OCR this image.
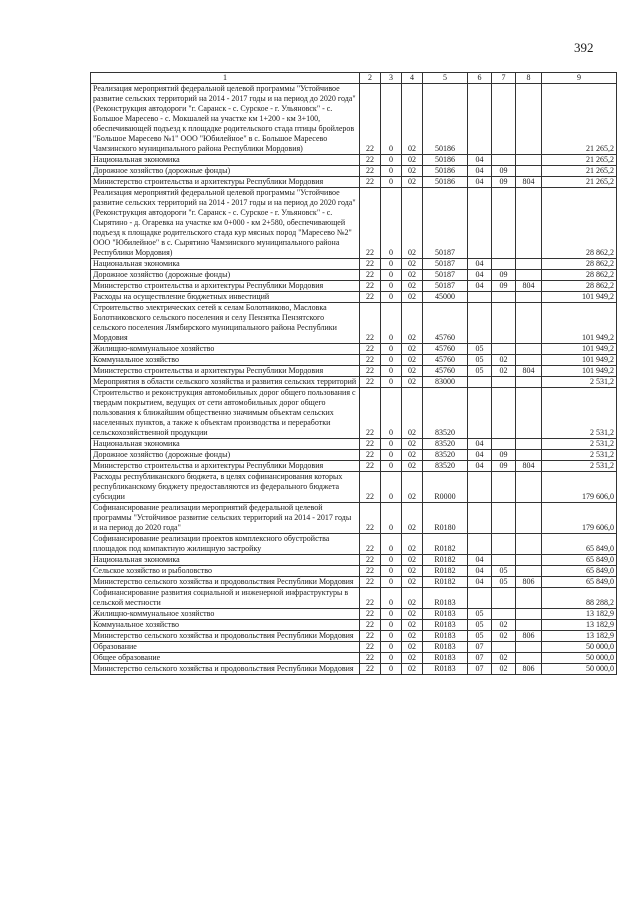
392
1	2	3	4	5	6	7	8	9
Реализация мероприятий федеральной целевой программы "Устойчивое развитие сельских территорий на 2014 - 2017 годы и на период до 2020 года" (Реконструкция автодороги "г. Саранск - с. Сурское - г. Ульяновск" - с. Большое Маресево - с. Мокшалей на участке км 1+200 - км 3+100, обеспечивающей подъезд к площадке родительского стада птицы бройлеров "Большое Маресево №1" ООО "Юбилейное" в с. Большое Маресево Чамзинского муниципального района Республики Мордовия)	22	0	02	50186				21 265,2
Национальная экономика	22	0	02	50186	04			21 265,2
Дорожное хозяйство (дорожные фонды)	22	0	02	50186	04	09		21 265,2
Министерство строительства и архитектуры Республики Мордовия	22	0	02	50186	04	09	804	21 265,2
Реализация мероприятий федеральной целевой программы "Устойчивое развитие сельских территорий на 2014 - 2017 годы и на период до 2020 года" (Реконструкция автодороги "г. Саранск - с. Сурское - г. Ульяновск" - с. Сырятино - д. Огаревка на участке км 0+000 - км 2+580, обеспечивающей подъезд к площадке родительского стада кур мясных пород "Маресево №2" ООО "Юбилейное" в с. Сырятино Чамзинского муниципального района Республики Мордовия)	22	0	02	50187				28 862,2
Национальная экономика	22	0	02	50187	04			28 862,2
Дорожное хозяйство (дорожные фонды)	22	0	02	50187	04	09		28 862,2
Министерство строительства и архитектуры Республики Мордовия	22	0	02	50187	04	09	804	28 862,2
Расходы на осуществление бюджетных инвестиций	22	0	02	45000				101 949,2
Строительство электрических сетей к селам Болотниково, Масловка Болотниковского сельского поселения и селу Пензятка Пензятского сельского поселения Лямбирского муниципального района Республики Мордовия	22	0	02	45760				101 949,2
Жилищно-коммунальное хозяйство	22	0	02	45760	05			101 949,2
Коммунальное хозяйство	22	0	02	45760	05	02		101 949,2
Министерство строительства и архитектуры Республики Мордовия	22	0	02	45760	05	02	804	101 949,2
Мероприятия в области сельского хозяйства и развития сельских территорий	22	0	02	83000				2 531,2
Строительство и реконструкция автомобильных дорог общего пользования с твердым покрытием, ведущих от сети автомобильных дорог общего пользования к ближайшим общественно значимым объектам сельских населенных пунктов, а также к объектам производства и переработки сельскохозяйственной продукции	22	0	02	83520				2 531,2
Национальная экономика	22	0	02	83520	04			2 531,2
Дорожное хозяйство (дорожные фонды)	22	0	02	83520	04	09		2 531,2
Министерство строительства и архитектуры Республики Мордовия	22	0	02	83520	04	09	804	2 531,2
Расходы республиканского бюджета, в целях софинансирования которых республиканскому бюджету предоставляются из федерального бюджета субсидии	22	0	02	R0000				179 606,0
Софинансирование реализации мероприятий федеральной целевой программы "Устойчивое развитие сельских территорий на 2014 - 2017 годы и на период до 2020 года"	22	0	02	R0180				179 606,0
Софинансирование реализации проектов комплексного обустройства площадок под компактную жилищную застройку	22	0	02	R0182				65 849,0
Национальная экономика	22	0	02	R0182	04			65 849,0
Сельское хозяйство и рыболовство	22	0	02	R0182	04	05		65 849,0
Министерство сельского хозяйства и продовольствия Республики Мордовия	22	0	02	R0182	04	05	806	65 849,0
Софинансирование развития социальной и инженерной инфраструктуры в сельской местности	22	0	02	R0183				88 288,2
Жилищно-коммунальное хозяйство	22	0	02	R0183	05			13 182,9
Коммунальное хозяйство	22	0	02	R0183	05	02		13 182,9
Министерство сельского хозяйства и продовольствия Республики Мордовия	22	0	02	R0183	05	02	806	13 182,9
Образование	22	0	02	R0183	07			50 000,0
Общее образование	22	0	02	R0183	07	02		50 000,0
Министерство сельского хозяйства и продовольствия Республики Мордовия	22	0	02	R0183	07	02	806	50 000,0
